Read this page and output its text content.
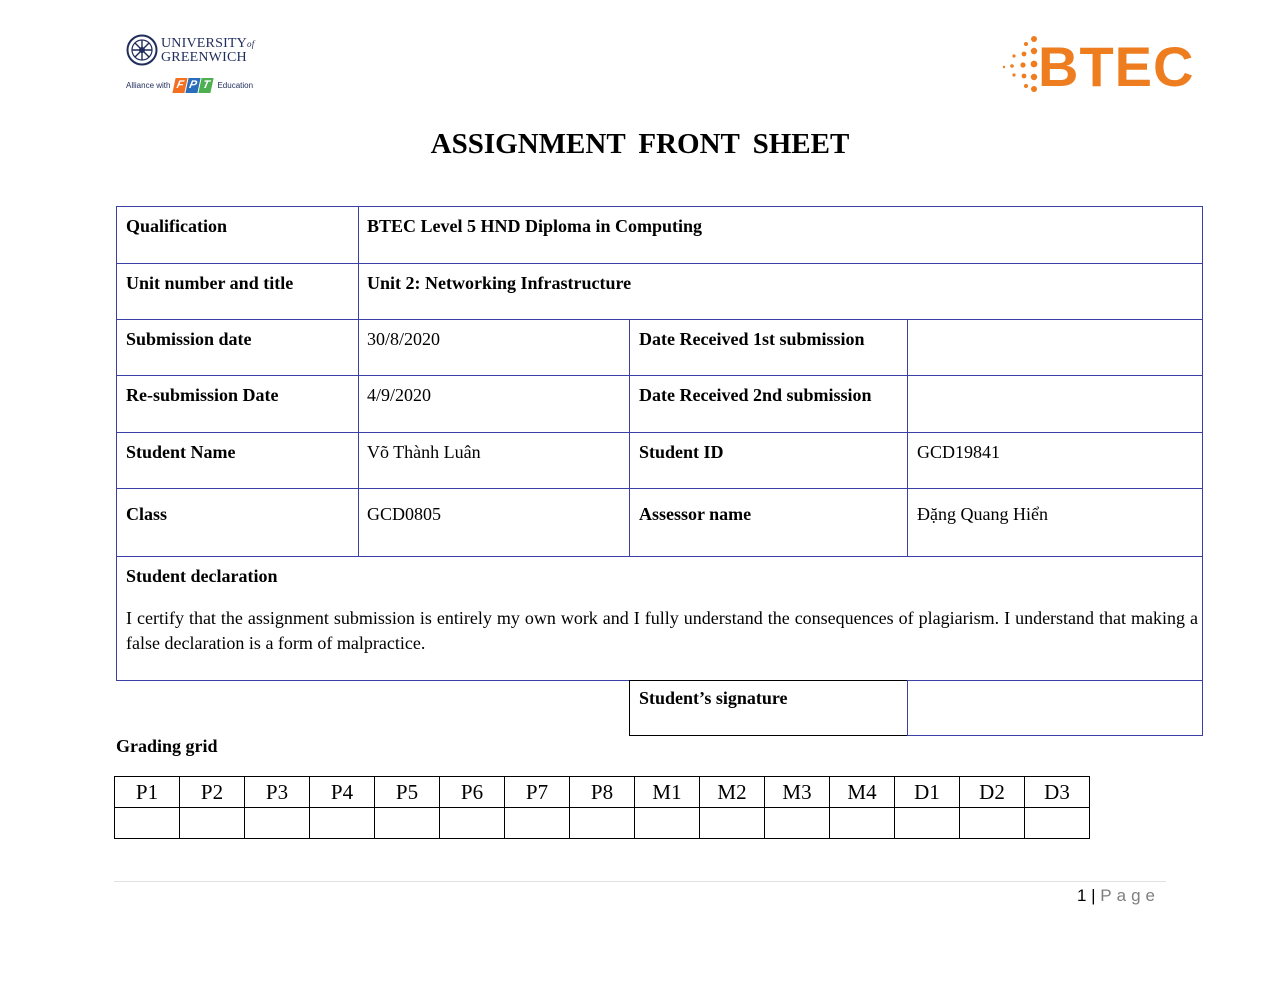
UNIVERSITYof
GREENWICH
Alliance with F P T Education	BTEC
ASSIGNMENT FRONT SHEET
Qualification	BTEC Level 5 HND Diploma in Computing
Unit number and title	Unit 2: Networking Infrastructure
Submission date	30/8/2020	Date Received 1st submission
Re-submission Date	4/9/2020	Date Received 2nd submission
Student Name	Võ Thành Luân	Student ID	GCD19841
Class	GCD0805	Assessor name	Đặng Quang Hiển
Student declaration
I certify that the assignment submission is entirely my own work and I fully understand the consequences of plagiarism. I understand that making a false declaration is a form of malpractice.
Student’s signature
Grading grid
P1	P2	P3	P4	P5	P6	P7	P8	M1	M2	M3	M4	D1	D2	D3

1 | Page
